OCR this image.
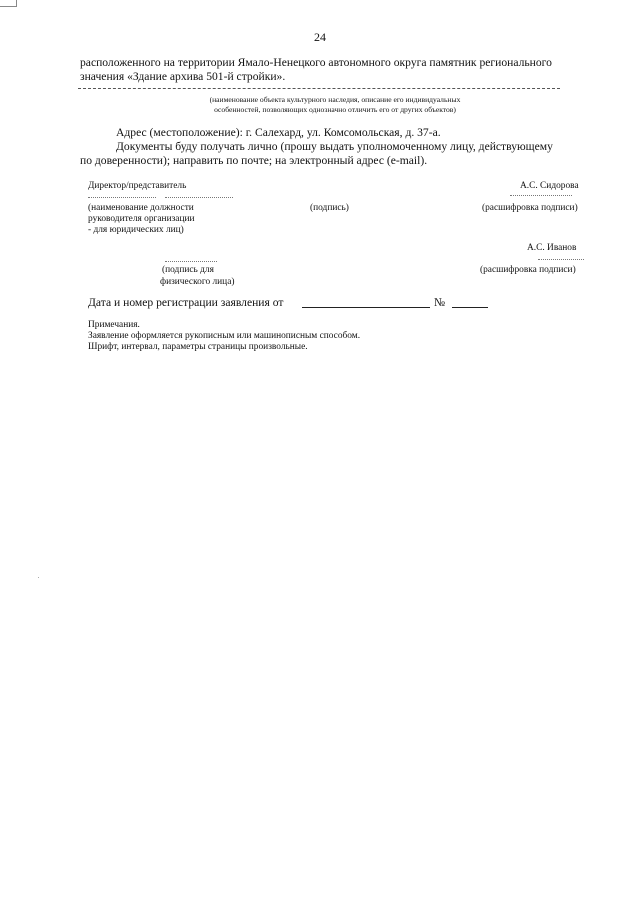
24
расположенного на территории Ямало-Ненецкого автономного округа памятник регионального
значения «Здание архива 501-й стройки».
(наименование объекта культурного наследия, описание его индивидуальных
особенностей, позволяющих однозначно отличить его от других объектов)
Адрес (местоположение): г. Салехард, ул. Комсомольская, д. 37-а.
Документы буду получать лично (прошу выдать уполномоченному лицу, действующему
по доверенности); направить по почте; на электронный адрес (e-mail).
Директор/представитель	А.С. Сидорова
(наименование должности
руководителя организации
- для юридических лиц)
(подпись)	(расшифровка подписи)
А.С. Иванов
(подпись для
физического лица)
(расшифровка подписи)
Дата и номер регистрации заявления от	№
Примечания.
Заявление оформляется рукописным или машинописным способом.
Шрифт, интервал, параметры страницы произвольные.
